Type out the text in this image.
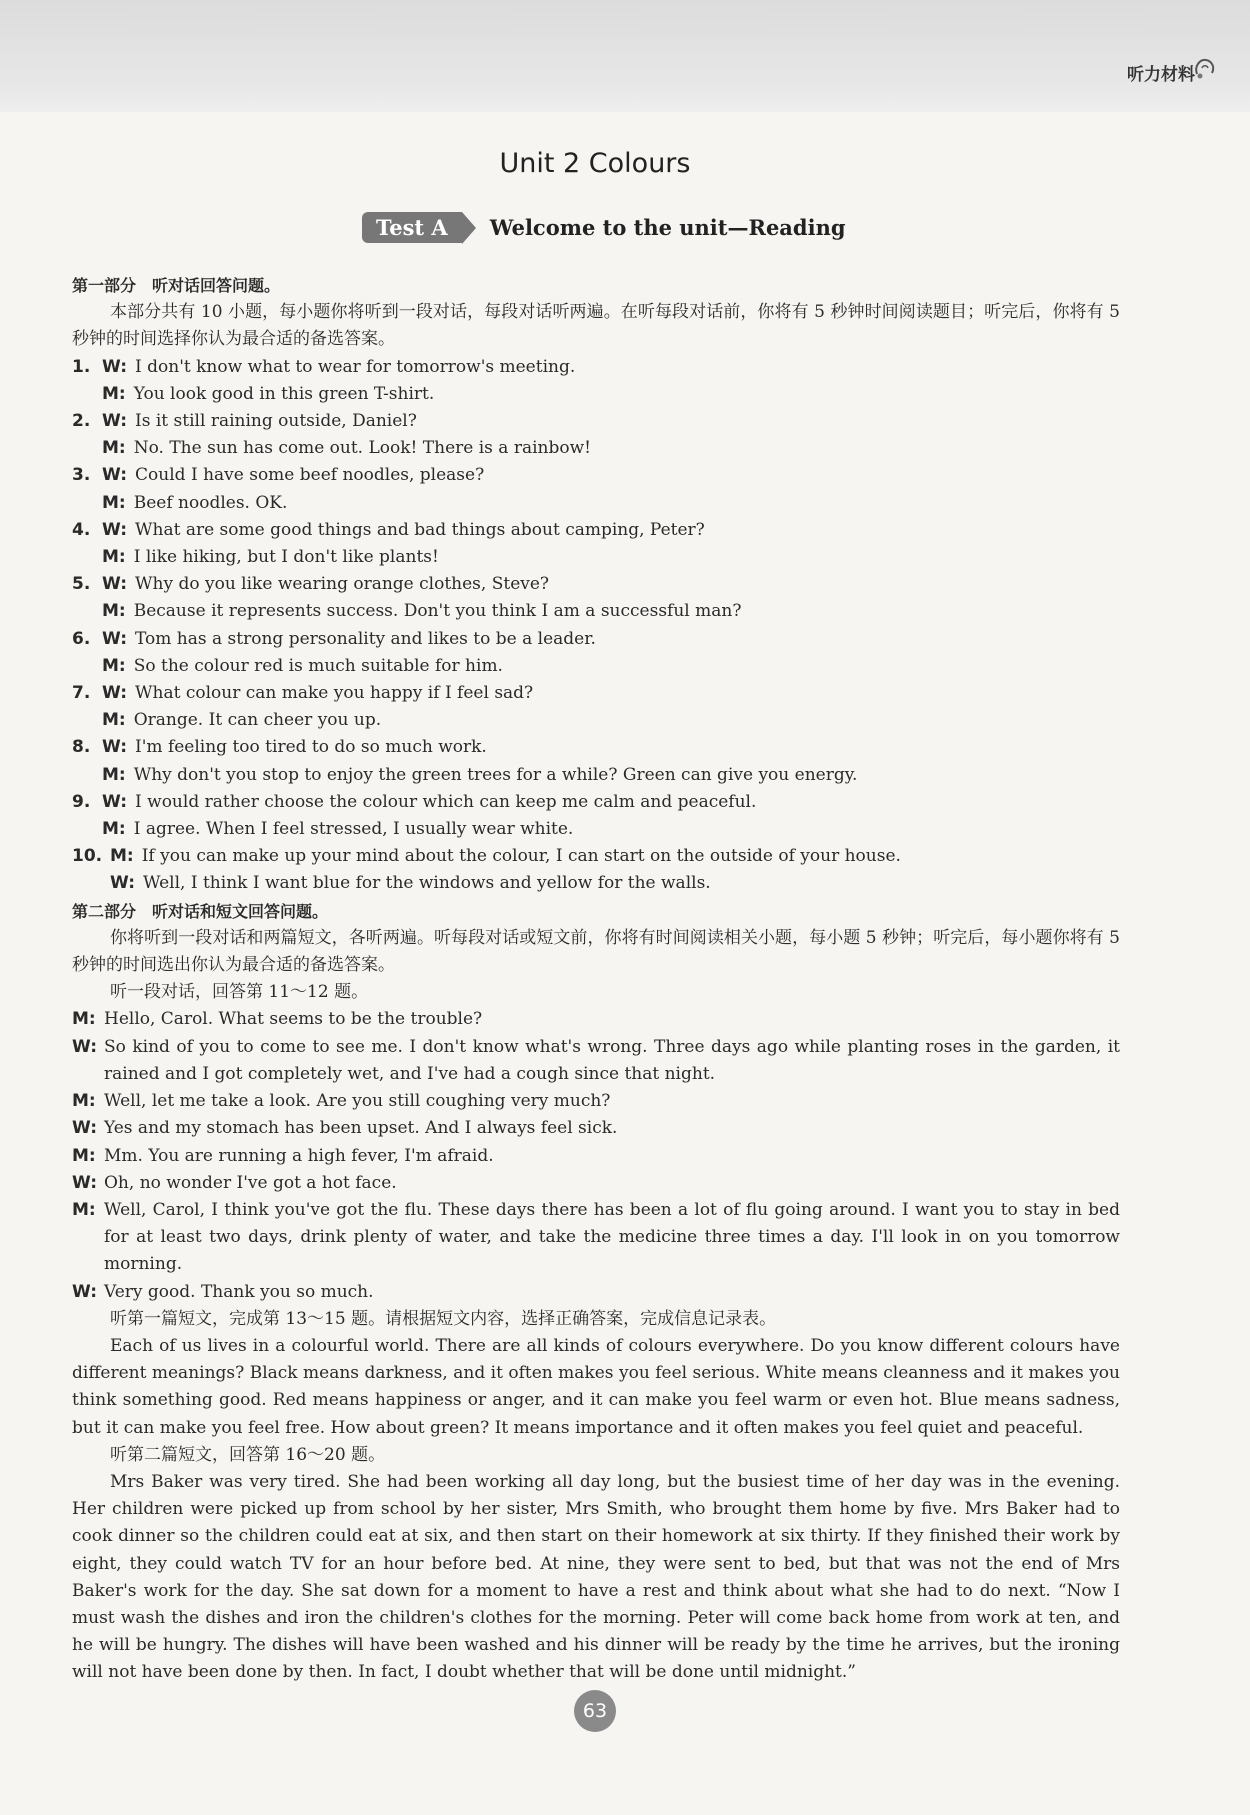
听力材料
Unit 2 Colours
Test A	Welcome to the unit—Reading
第一部分　听对话回答问题。
本部分共有 10 小题，每小题你将听到一段对话，每段对话听两遍。在听每段对话前，你将有 5 秒钟时间阅读题目；听完后，你将有 5 秒钟的时间选择你认为最合适的备选答案。
1. W: I don't know what to wear for tomorrow's meeting.
M: You look good in this green T-shirt.
2. W: Is it still raining outside, Daniel?
M: No. The sun has come out. Look! There is a rainbow!
3. W: Could I have some beef noodles, please?
M: Beef noodles. OK.
4. W: What are some good things and bad things about camping, Peter?
M: I like hiking, but I don't like plants!
5. W: Why do you like wearing orange clothes, Steve?
M: Because it represents success. Don't you think I am a successful man?
6. W: Tom has a strong personality and likes to be a leader.
M: So the colour red is much suitable for him.
7. W: What colour can make you happy if I feel sad?
M: Orange. It can cheer you up.
8. W: I'm feeling too tired to do so much work.
M: Why don't you stop to enjoy the green trees for a while? Green can give you energy.
9. W: I would rather choose the colour which can keep me calm and peaceful.
M: I agree. When I feel stressed, I usually wear white.
10. M: If you can make up your mind about the colour, I can start on the outside of your house.
W: Well, I think I want blue for the windows and yellow for the walls.
第二部分　听对话和短文回答问题。
你将听到一段对话和两篇短文，各听两遍。听每段对话或短文前，你将有时间阅读相关小题，每小题 5 秒钟；听完后，每小题你将有 5 秒钟的时间选出你认为最合适的备选答案。
听一段对话，回答第 11～12 题。
M: Hello, Carol. What seems to be the trouble?
W: So kind of you to come to see me. I don't know what's wrong. Three days ago while planting roses in the garden, it rained and I got completely wet, and I've had a cough since that night.
M: Well, let me take a look. Are you still coughing very much?
W: Yes and my stomach has been upset. And I always feel sick.
M: Mm. You are running a high fever, I'm afraid.
W: Oh, no wonder I've got a hot face.
M: Well, Carol, I think you've got the flu. These days there has been a lot of flu going around. I want you to stay in bed for at least two days, drink plenty of water, and take the medicine three times a day. I'll look in on you tomorrow morning.
W: Very good. Thank you so much.
听第一篇短文，完成第 13～15 题。请根据短文内容，选择正确答案，完成信息记录表。
Each of us lives in a colourful world. There are all kinds of colours everywhere. Do you know different colours have different meanings? Black means darkness, and it often makes you feel serious. White means cleanness and it makes you think something good. Red means happiness or anger, and it can make you feel warm or even hot. Blue means sadness, but it can make you feel free. How about green? It means importance and it often makes you feel quiet and peaceful.
听第二篇短文，回答第 16～20 题。
Mrs Baker was very tired. She had been working all day long, but the busiest time of her day was in the evening. Her children were picked up from school by her sister, Mrs Smith, who brought them home by five. Mrs Baker had to cook dinner so the children could eat at six, and then start on their homework at six thirty. If they finished their work by eight, they could watch TV for an hour before bed. At nine, they were sent to bed, but that was not the end of Mrs Baker's work for the day. She sat down for a moment to have a rest and think about what she had to do next. “Now I must wash the dishes and iron the children's clothes for the morning. Peter will come back home from work at ten, and he will be hungry. The dishes will have been washed and his dinner will be ready by the time he arrives, but the ironing will not have been done by then. In fact, I doubt whether that will be done until midnight.”
63
